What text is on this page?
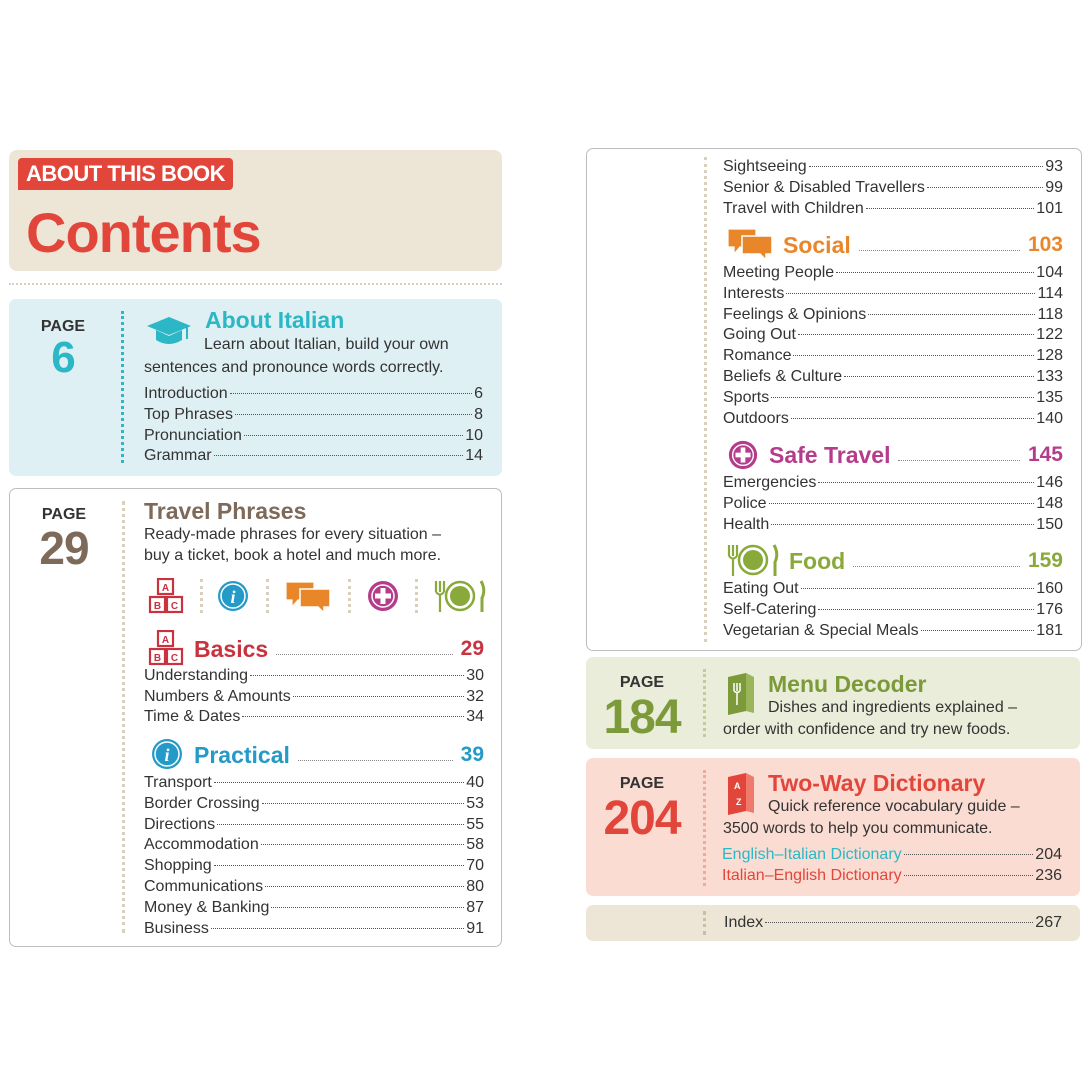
ABOUT THIS BOOK
Contents
PAGE
6
About Italian
Learn about Italian, build your own
sentences and pronounce words correctly.
Introduction	6
Top Phrases	8
Pronunciation	10
Grammar	14
PAGE
29
Travel Phrases
Ready-made phrases for every situation –
buy a ticket, book a hotel and much more.
A
B C	i
A
B C Basics	29
Understanding	30
Numbers & Amounts	32
Time & Dates	34
i Practical	39
Transport	40
Border Crossing	53
Directions	55
Accommodation	58
Shopping	70
Communications	80
Money & Banking	87
Business	91
Sightseeing	93
Senior & Disabled Travellers	99
Travel with Children	101
Social	103
Meeting People	104
Interests	114
Feelings & Opinions	118
Going Out	122
Romance	128
Beliefs & Culture	133
Sports	135
Outdoors	140
Safe Travel	145
Emergencies	146
Police	148
Health	150
Food	159
Eating Out	160
Self-Catering	176
Vegetarian & Special Meals	181
PAGE
184
Menu Decoder
Dishes and ingredients explained –
order with confidence and try new foods.
PAGE
204
A
Z
Two-Way Dictionary
Quick reference vocabulary guide –
3500 words to help you communicate.
English–Italian Dictionary	204
Italian–English Dictionary	236
Index	267
